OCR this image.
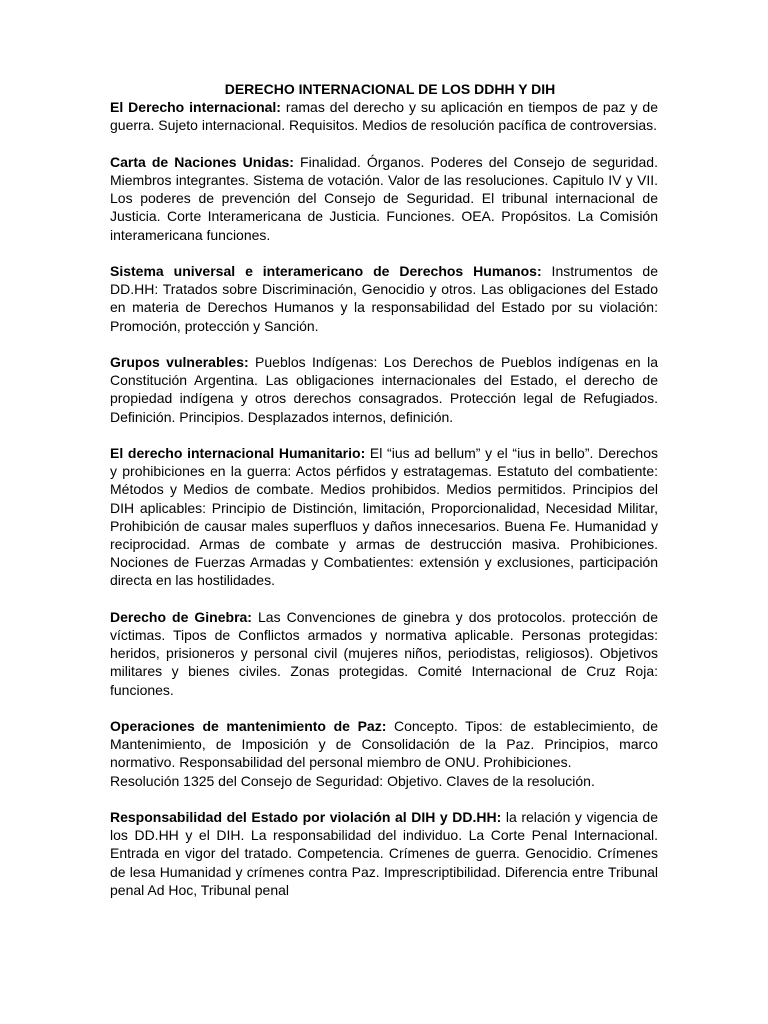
DERECHO INTERNACIONAL DE LOS DDHH Y DIH

El Derecho internacional: ramas del derecho y su aplicación en tiempos de paz y de guerra. Sujeto internacional. Requisitos. Medios de resolución pacífica de controversias.

Carta de Naciones Unidas: Finalidad. Órganos. Poderes del Consejo de seguridad. Miembros integrantes. Sistema de votación. Valor de las resoluciones. Capitulo IV y VII. Los poderes de prevención del Consejo de Seguridad. El tribunal internacional de Justicia. Corte Interamericana de Justicia. Funciones. OEA. Propósitos. La Comisión interamericana funciones.

Sistema universal e interamericano de Derechos Humanos: Instrumentos de DD.HH: Tratados sobre Discriminación, Genocidio y otros. Las obligaciones del Estado en materia de Derechos Humanos y la responsabilidad del Estado por su violación: Promoción, protección y Sanción.

Grupos vulnerables: Pueblos Indígenas: Los Derechos de Pueblos indígenas en la Constitución Argentina. Las obligaciones internacionales del Estado, el derecho de propiedad indígena y otros derechos consagrados. Protección legal de Refugiados. Definición. Principios. Desplazados internos, definición.

El derecho internacional Humanitario: El “ius ad bellum” y el “ius in bello”. Derechos y prohibiciones en la guerra: Actos pérfidos y estratagemas. Estatuto del combatiente: Métodos y Medios de combate. Medios prohibidos. Medios permitidos. Principios del DIH aplicables: Principio de Distinción, limitación, Proporcionalidad, Necesidad Militar, Prohibición de causar males superfluos y daños innecesarios. Buena Fe. Humanidad y reciprocidad. Armas de combate y armas de destrucción masiva. Prohibiciones. Nociones de Fuerzas Armadas y Combatientes: extensión y exclusiones, participación directa en las hostilidades.

Derecho de Ginebra: Las Convenciones de ginebra y dos protocolos. protección de víctimas. Tipos de Conflictos armados y normativa aplicable. Personas protegidas: heridos, prisioneros y personal civil (mujeres niños, periodistas, religiosos). Objetivos militares y bienes civiles. Zonas protegidas. Comité Internacional de Cruz Roja: funciones.

Operaciones de mantenimiento de Paz: Concepto. Tipos: de establecimiento, de Mantenimiento, de Imposición y de Consolidación de la Paz. Principios, marco normativo. Responsabilidad del personal miembro de ONU. Prohibiciones.
Resolución 1325 del Consejo de Seguridad: Objetivo. Claves de la resolución.

Responsabilidad del Estado por violación al DIH y DD.HH: la relación y vigencia de los DD.HH y el DIH. La responsabilidad del individuo. La Corte Penal Internacional. Entrada en vigor del tratado. Competencia. Crímenes de guerra. Genocidio. Crímenes de lesa Humanidad y crímenes contra Paz. Imprescriptibilidad. Diferencia entre Tribunal penal Ad Hoc, Tribunal penal
